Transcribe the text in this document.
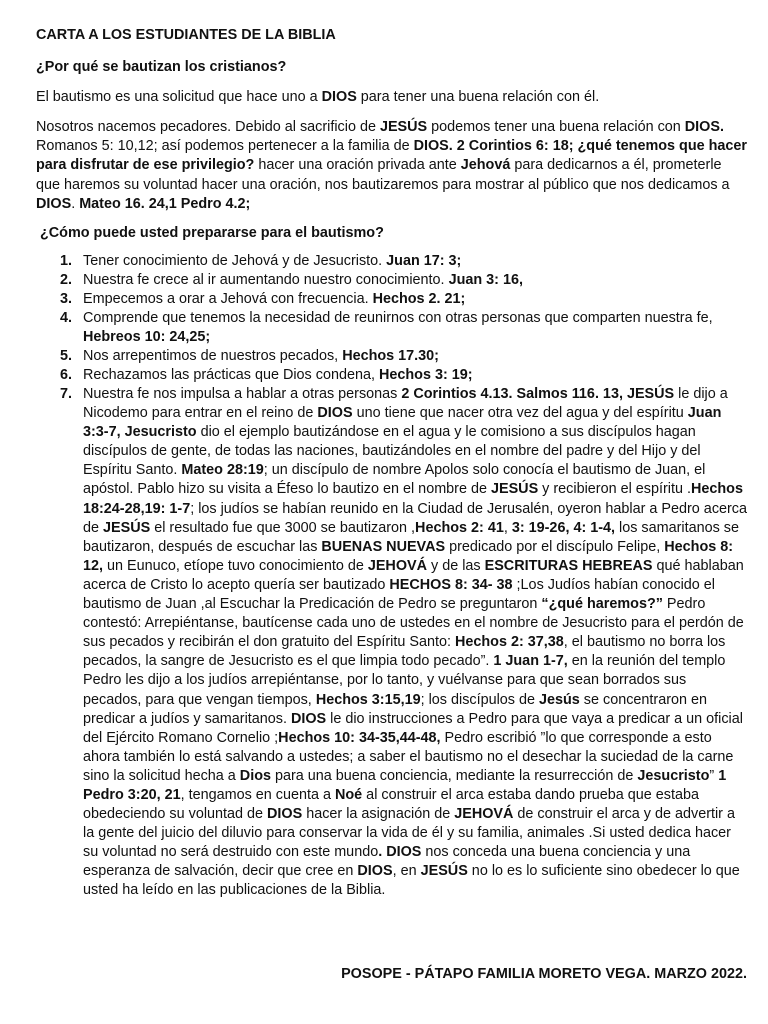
CARTA A LOS ESTUDIANTES DE LA BIBLIA
¿Por qué se bautizan los cristianos?
El bautismo es una solicitud que hace uno a DIOS para tener una buena relación con él.
Nosotros nacemos pecadores. Debido al sacrificio de JESÚS podemos tener una buena relación con DIOS. Romanos 5: 10,12; así podemos pertenecer a la familia de DIOS. 2 Corintios 6: 18; ¿qué tenemos que hacer para disfrutar de ese privilegio? hacer una oración privada ante Jehová para dedicarnos a él, prometerle que haremos su voluntad hacer una oración, nos bautizaremos para mostrar al público que nos dedicamos a DIOS. Mateo 16. 24,1 Pedro 4.2;
¿Cómo puede usted prepararse para el bautismo?
1. Tener conocimiento de Jehová y de Jesucristo. Juan 17: 3;
2. Nuestra fe crece al ir aumentando nuestro conocimiento. Juan 3: 16,
3. Empecemos a orar a Jehová con frecuencia. Hechos 2. 21;
4. Comprende que tenemos la necesidad de reunirnos con otras personas que comparten nuestra fe, Hebreos 10: 24,25;
5. Nos arrepentimos de nuestros pecados, Hechos 17.30;
6. Rechazamos las prácticas que Dios condena, Hechos 3: 19;
7. Nuestra fe nos impulsa a hablar a otras personas 2 Corintios 4.13. Salmos 116. 13, JESÚS le dijo a Nicodemo para entrar en el reino de DIOS uno tiene que nacer otra vez del agua y del espíritu Juan 3:3-7, Jesucristo dio el ejemplo bautizándose en el agua y le comisiono a sus discípulos hagan discípulos de gente, de todas las naciones, bautizándoles en el nombre del padre y del Hijo y del Espíritu Santo. Mateo 28:19; un discípulo de nombre Apolos solo conocía el bautismo de Juan, el apóstol. Pablo hizo su visita a Éfeso lo bautizo en el nombre de JESÚS y recibieron el espíritu .Hechos 18:24-28,19: 1-7; los judíos se habían reunido en la Ciudad de Jerusalén, oyeron hablar a Pedro acerca de JESÚS el resultado fue que 3000 se bautizaron ,Hechos 2: 41, 3: 19-26, 4: 1-4, los samaritanos se bautizaron, después de escuchar las BUENAS NUEVAS predicado por el discípulo Felipe, Hechos 8: 12, un Eunuco, etíope tuvo conocimiento de JEHOVÁ y de las ESCRITURAS HEBREAS qué hablaban acerca de Cristo lo acepto quería ser bautizado HECHOS 8: 34- 38 ;Los Judíos habían conocido el bautismo de Juan ,al Escuchar la Predicación de Pedro se preguntaron “¿qué haremos?” Pedro contestó: Arrepiéntanse, bautícense cada uno de ustedes en el nombre de Jesucristo para el perdón de sus pecados y recibirán el don gratuito del Espíritu Santo: Hechos 2: 37,38, el bautismo no borra los pecados, la sangre de Jesucristo es el que limpia todo pecado”. 1 Juan 1-7, en la reunión del templo Pedro les dijo a los judíos arrepiéntanse, por lo tanto, y vuélvanse para que sean borrados sus pecados, para que vengan tiempos, Hechos 3:15,19; los discípulos de Jesús se concentraron en predicar a judíos y samaritanos. DIOS le dio instrucciones a Pedro para que vaya a predicar a un oficial del Ejército Romano Cornelio ;Hechos 10: 34-35,44-48, Pedro escribió ”lo que corresponde a esto ahora también lo está salvando a ustedes; a saber el bautismo no el desechar la suciedad de la carne sino la solicitud hecha a Dios para una buena conciencia, mediante la resurrección de Jesucristo” 1 Pedro 3:20, 21, tengamos en cuenta a Noé al construir el arca estaba dando prueba que estaba obedeciendo su voluntad de DIOS hacer la asignación de JEHOVÁ de construir el arca y de advertir a la gente del juicio del diluvio para conservar la vida de él y su familia, animales .Si usted dedica hacer su voluntad no será destruido con este mundo. DIOS nos conceda una buena conciencia y una esperanza de salvación, decir que cree en DIOS, en JESÚS no lo es lo suficiente sino obedecer lo que usted ha leído en las publicaciones de la Biblia.
POSOPE - PÁTAPO FAMILIA MORETO VEGA. MARZO 2022.
